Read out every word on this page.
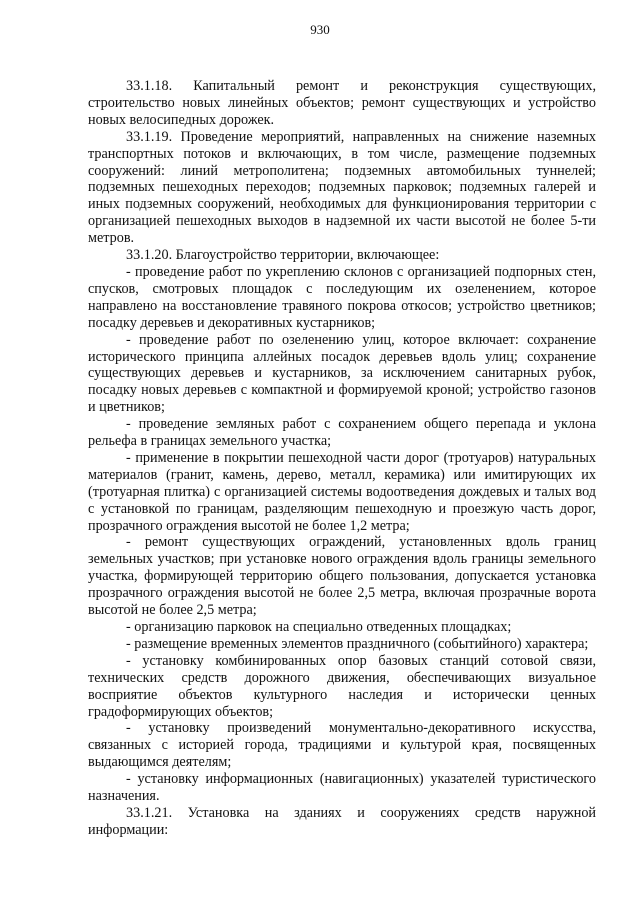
930

33.1.18. Капитальный ремонт и реконструкция существующих, строительство новых линейных объектов; ремонт существующих и устройство новых велосипедных дорожек.

33.1.19. Проведение мероприятий, направленных на снижение наземных транспортных потоков и включающих, в том числе, размещение подземных сооружений: линий метрополитена; подземных автомобильных туннелей; подземных пешеходных переходов; подземных парковок; подземных галерей и иных подземных сооружений, необходимых для функционирования территории с организацией пешеходных выходов в надземной их части высотой не более 5-ти метров.

33.1.20. Благоустройство территории, включающее:

- проведение работ по укреплению склонов с организацией подпорных стен, спусков, смотровых площадок с последующим их озеленением, которое направлено на восстановление травяного покрова откосов; устройство цветников; посадку деревьев и декоративных кустарников;

- проведение работ по озеленению улиц, которое включает: сохранение исторического принципа аллейных посадок деревьев вдоль улиц; сохранение существующих деревьев и кустарников, за исключением санитарных рубок, посадку новых деревьев с компактной и формируемой кроной; устройство газонов и цветников;

- проведение земляных работ с сохранением общего перепада и уклона рельефа в границах земельного участка;

- применение в покрытии пешеходной части дорог (тротуаров) натуральных материалов (гранит, камень, дерево, металл, керамика) или имитирующих их (тротуарная плитка) с организацией системы водоотведения дождевых и талых вод с установкой по границам, разделяющим пешеходную и проезжую часть дорог, прозрачного ограждения высотой не более 1,2 метра;

- ремонт существующих ограждений, установленных вдоль границ земельных участков; при установке нового ограждения вдоль границы земельного участка, формирующей территорию общего пользования, допускается установка прозрачного ограждения высотой не более 2,5 метра, включая прозрачные ворота высотой не более 2,5 метра;

- организацию парковок на специально отведенных площадках;

- размещение временных элементов праздничного (событийного) характера;

- установку комбинированных опор базовых станций сотовой связи, технических средств дорожного движения, обеспечивающих визуальное восприятие объектов культурного наследия и исторически ценных градоформирующих объектов;

- установку произведений монументально-декоративного искусства, связанных с историей города, традициями и культурой края, посвященных выдающимся деятелям;

- установку информационных (навигационных) указателей туристического назначения.

33.1.21. Установка на зданиях и сооружениях средств наружной информации:
